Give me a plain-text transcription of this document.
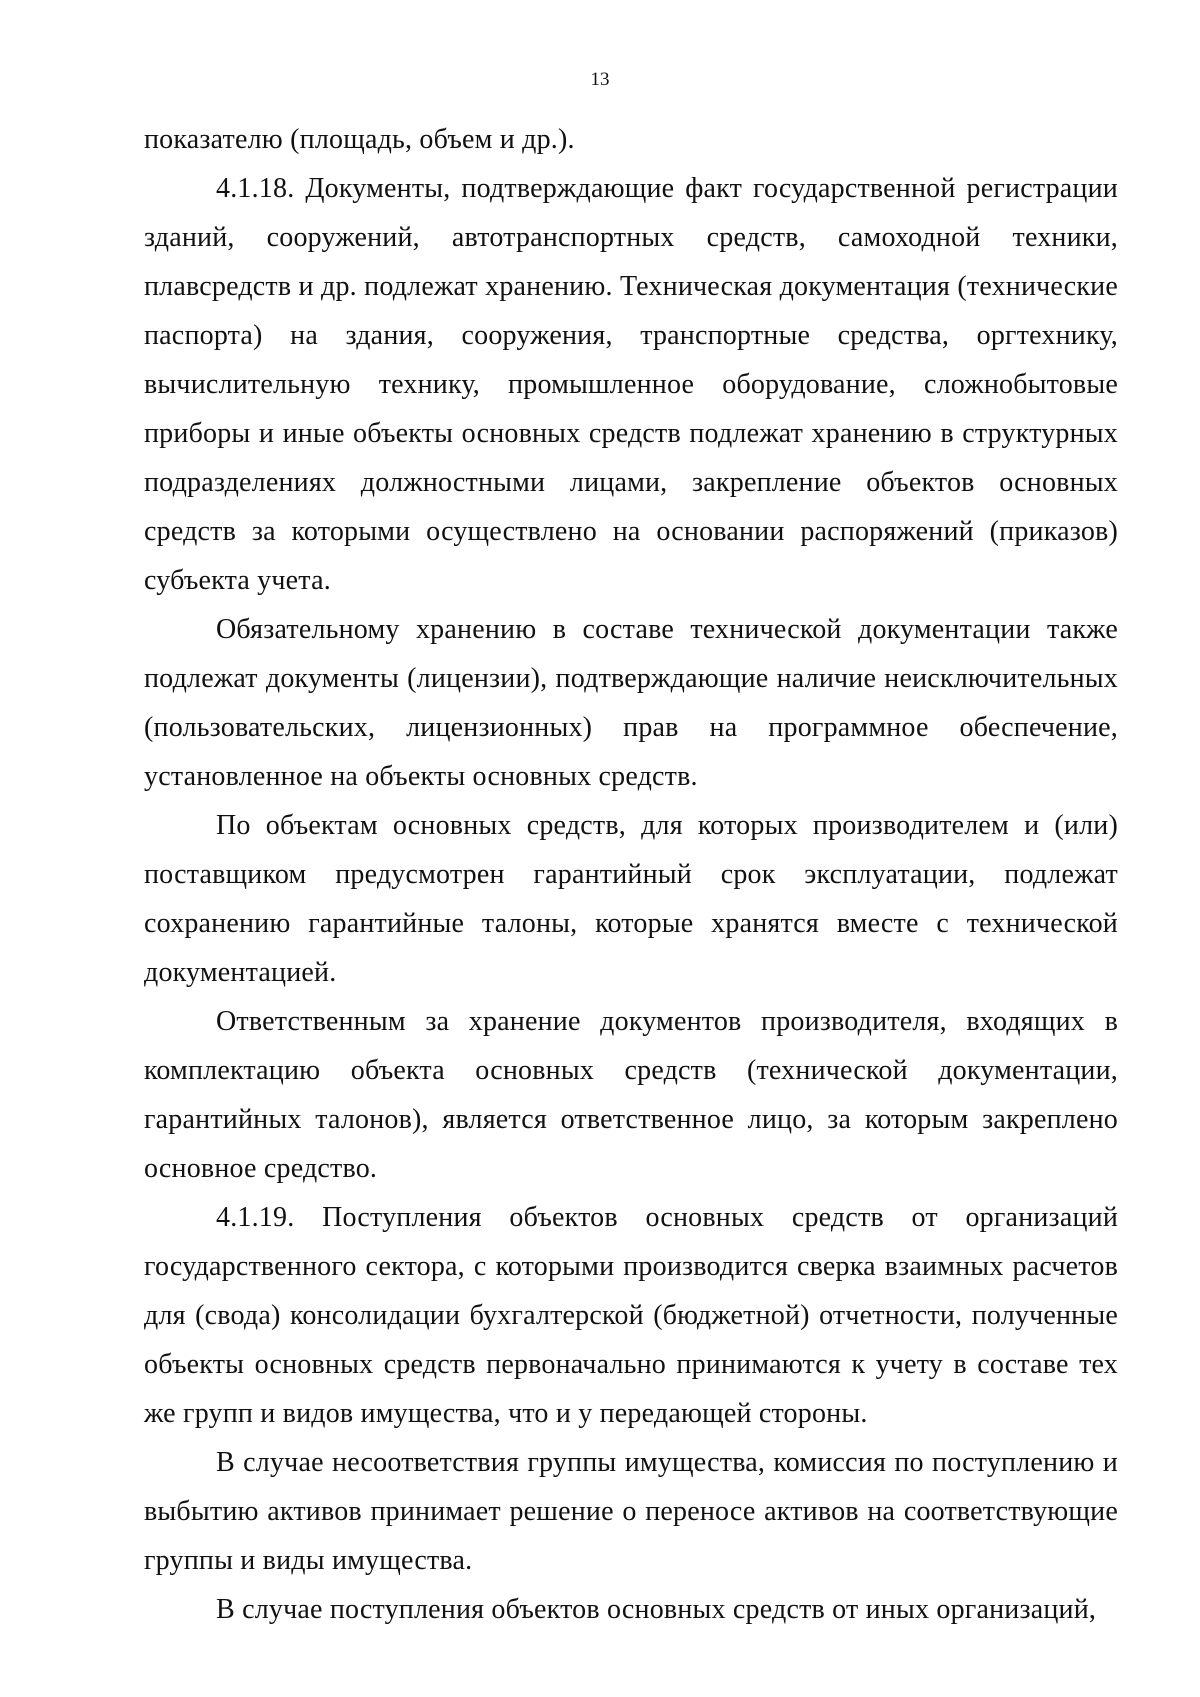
13

показателю (площадь, объем и др.).

4.1.18. Документы, подтверждающие факт государственной регистрации зданий, сооружений, автотранспортных средств, самоходной техники, плавсредств и др. подлежат хранению. Техническая документация (технические паспорта) на здания, сооружения, транспортные средства, оргтехнику, вычислительную технику, промышленное оборудование, сложнобытовые приборы и иные объекты основных средств подлежат хранению в структурных подразделениях должностными лицами, закрепление объектов основных средств за которыми осуществлено на основании распоряжений (приказов) субъекта учета.

Обязательному хранению в составе технической документации также подлежат документы (лицензии), подтверждающие наличие неисключительных (пользовательских, лицензионных) прав на программное обеспечение, установленное на объекты основных средств.

По объектам основных средств, для которых производителем и (или) поставщиком предусмотрен гарантийный срок эксплуатации, подлежат сохранению гарантийные талоны, которые хранятся вместе с технической документацией.

Ответственным за хранение документов производителя, входящих в комплектацию объекта основных средств (технической документации, гарантийных талонов), является ответственное лицо, за которым закреплено основное средство.

4.1.19. Поступления объектов основных средств от организаций государственного сектора, с которыми производится сверка взаимных расчетов для (свода) консолидации бухгалтерской (бюджетной) отчетности, полученные объекты основных средств первоначально принимаются к учету в составе тех же групп и видов имущества, что и у передающей стороны.

В случае несоответствия группы имущества, комиссия по поступлению и выбытию активов принимает решение о переносе активов на соответствующие группы и виды имущества.

В случае поступления объектов основных средств от иных организаций,
